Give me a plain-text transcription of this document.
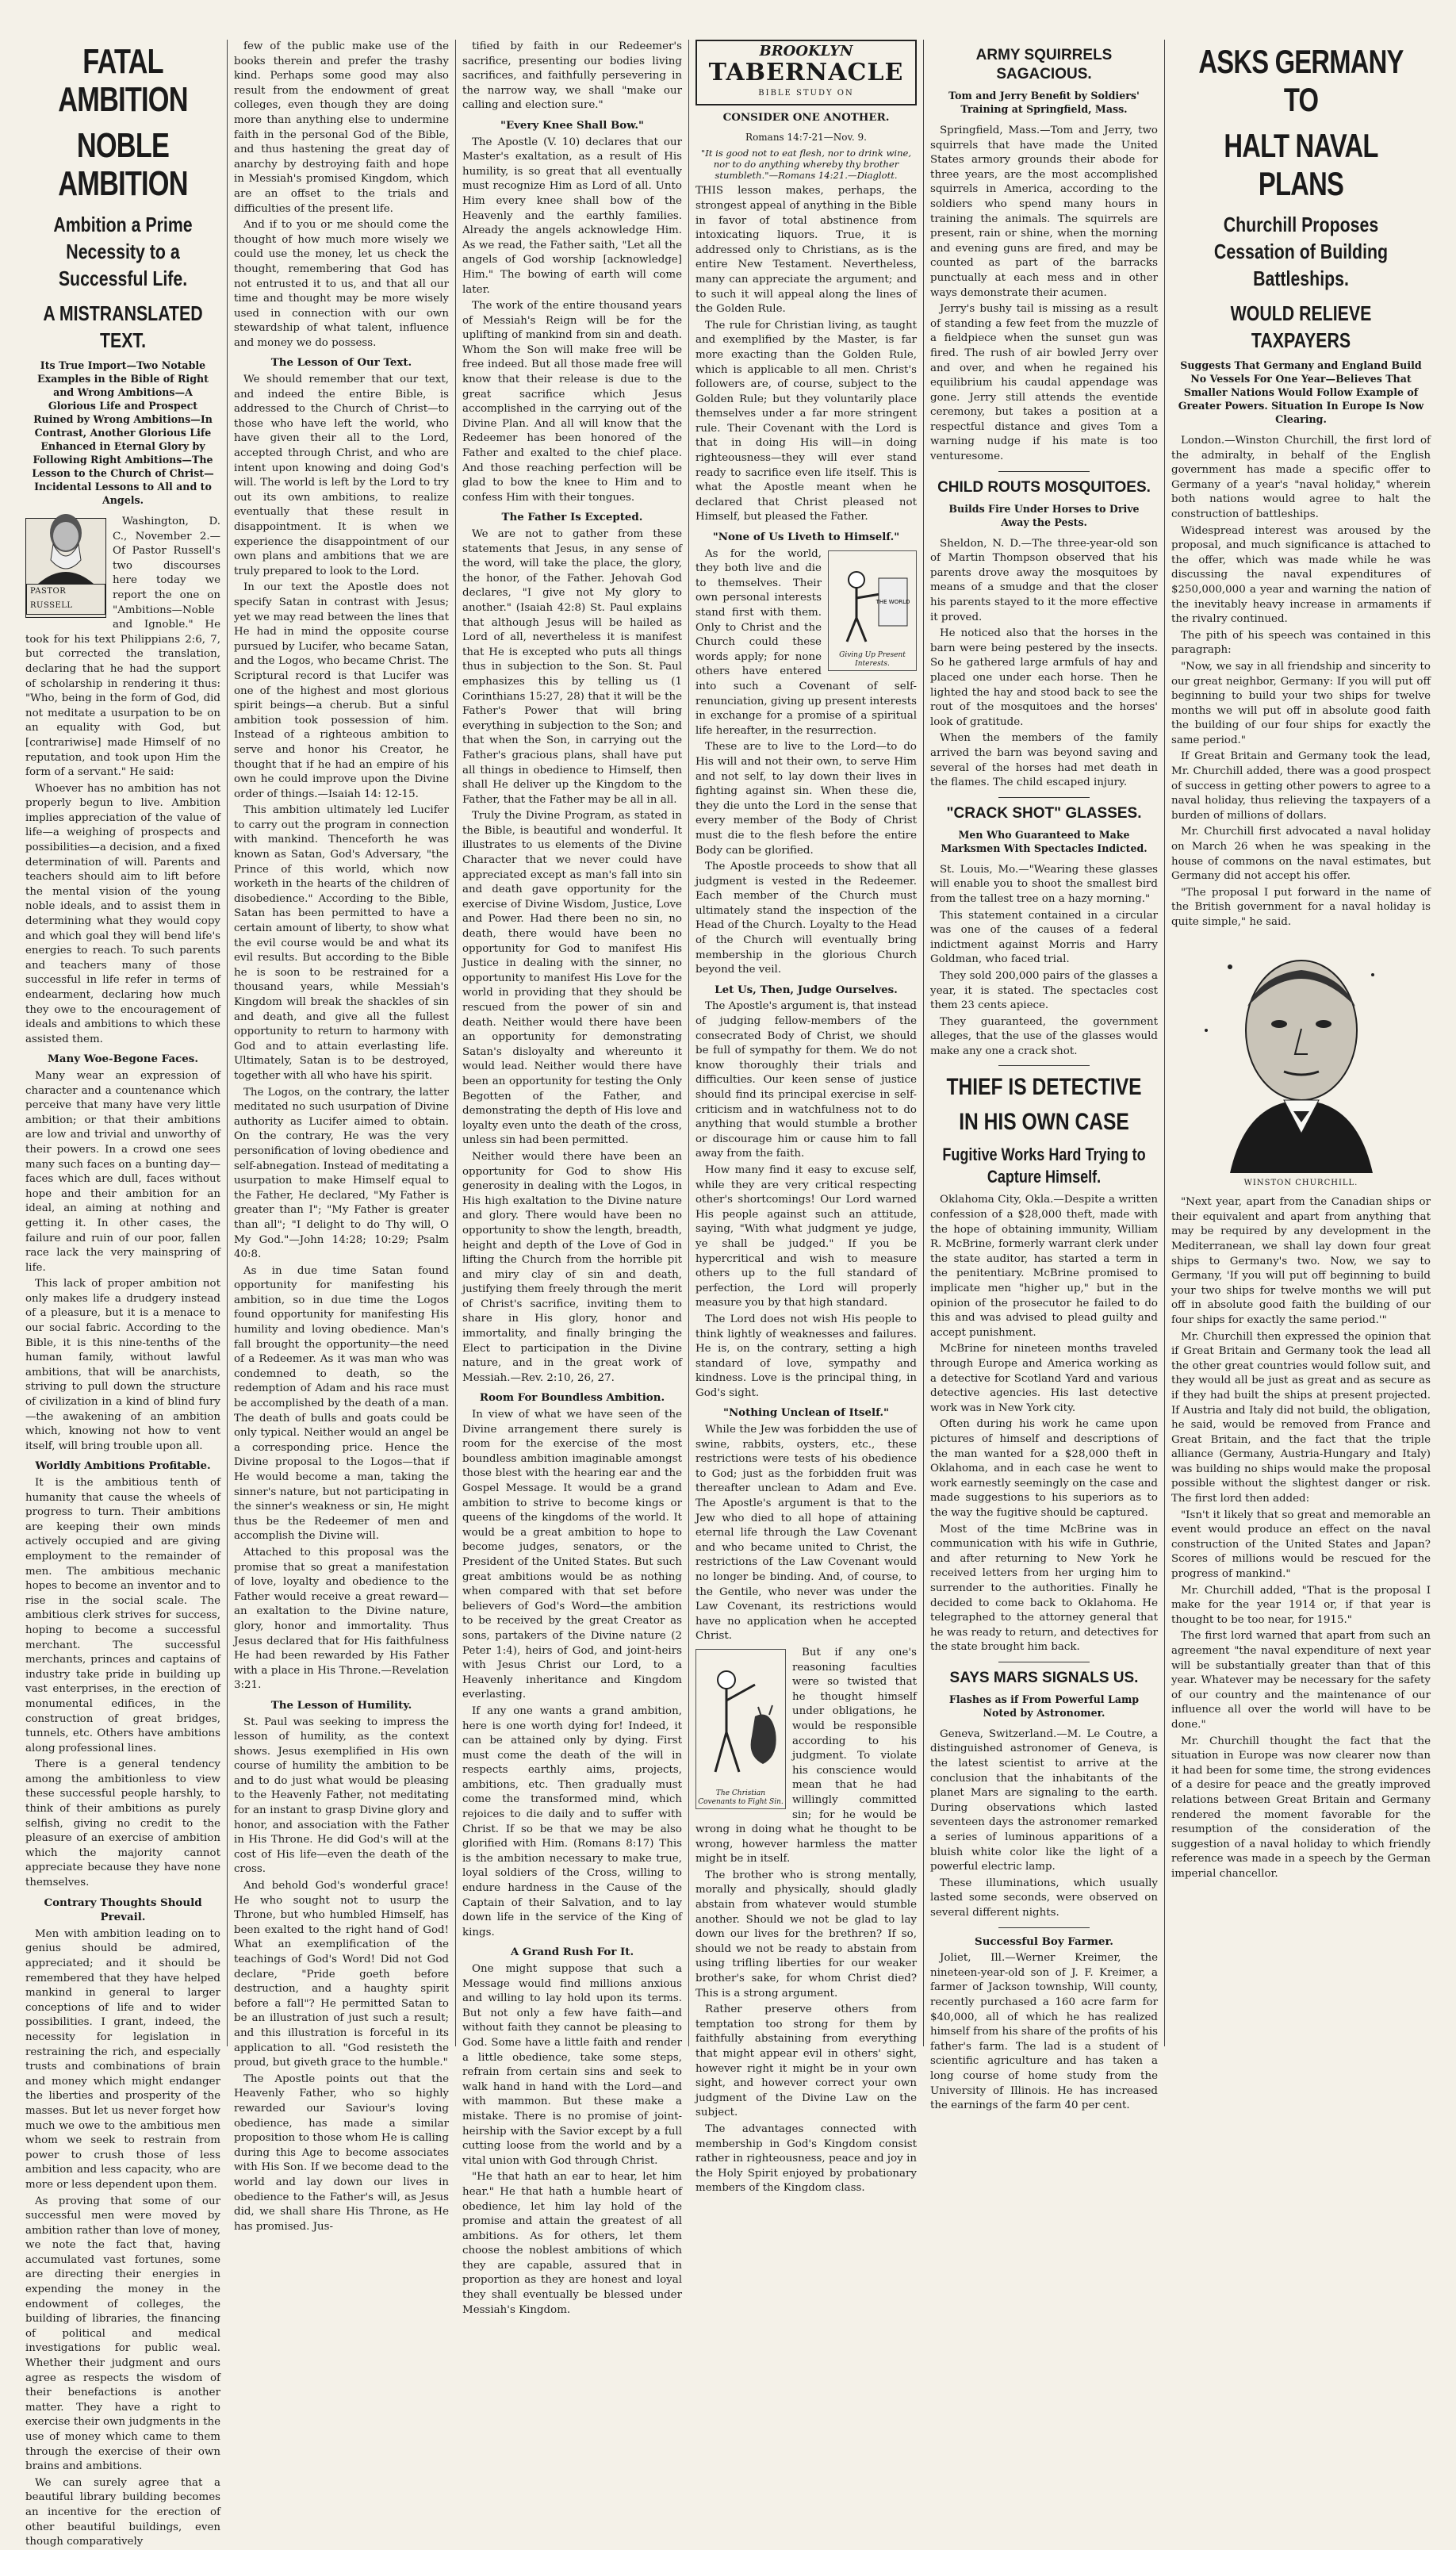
FATAL AMBITION
NOBLE AMBITION
Ambition a Prime Necessity to a Successful Life.
A MISTRANSLATED TEXT.
Its True Import—Two Notable Examples in the Bible of Right and Wrong Ambitions—A Glorious Life and Prospect Ruined by Wrong Ambitions—In Contrast, Another Glorious Life Enhanced in Eternal Glory by Following Right Ambitions—The Lesson to the Church of Christ—Incidental Lessons to All and to Angels.
PASTOR RUSSELL

Washington, D. C., November 2.—Of Pastor Russell's two discourses here today we report the one on "Ambitions—Noble and Ignoble." He took for his text Philippians 2:6, 7, but corrected the translation, declaring that he had the support of scholarship in rendering it thus: "Who, being in the form of God, did not meditate a usurpation to be on an equality with God, but [contrariwise] made Himself of no reputation, and took upon Him the form of a servant." He said:

Whoever has no ambition has not properly begun to live. Ambition implies appreciation of the value of life—a weighing of prospects and possibilities—a decision, and a fixed determination of will. Parents and teachers should aim to lift before the mental vision of the young noble ideals, and to assist them in determining what they would copy and which goal they will bend life's energies to reach. To such parents and teachers many of those successful in life refer in terms of endearment, declaring how much they owe to the encouragement of ideals and ambitions to which these assisted them.

Many Woe-Begone Faces.

Many wear an expression of character and a countenance which perceive that many have very little ambition; or that their ambitions are low and trivial and unworthy of their powers. In a crowd one sees many such faces on a bunting day—faces which are dull, faces without hope and their ambition for an ideal, an aiming at nothing and getting it. In other cases, the failure and ruin of our poor, fallen race lack the very mainspring of life.

This lack of proper ambition not only makes life a drudgery instead of a pleasure, but it is a menace to our social fabric. According to the Bible, it is this nine-tenths of the human family, without lawful ambitions, that will be anarchists, striving to pull down the structure of civilization in a kind of blind fury—the awakening of an ambition which, knowing not how to vent itself, will bring trouble upon all.

Worldly Ambitions Profitable.

It is the ambitious tenth of humanity that cause the wheels of progress to turn. Their ambitions are keeping their own minds actively occupied and are giving employment to the remainder of men. The ambitious mechanic hopes to become an inventor and to rise in the social scale. The ambitious clerk strives for success, hoping to become a successful merchant. The successful merchants, princes and captains of industry take pride in building up vast enterprises, in the erection of monumental edifices, in the construction of great bridges, tunnels, etc. Others have ambitions along professional lines.

There is a general tendency among the ambitionless to view these successful people harshly, to think of their ambitions as purely selfish, giving no credit to the pleasure of an exercise of ambition which the majority cannot appreciate because they have none themselves.

Contrary Thoughts Should Prevail.

Men with ambition leading on to genius should be admired, appreciated; and it should be remembered that they have helped mankind in general to larger conceptions of life and to wider possibilities. I grant, indeed, the necessity for legislation in restraining the rich, and especially trusts and combinations of brain and money which might endanger the liberties and prosperity of the masses. But let us never forget how much we owe to the ambitious men whom we seek to restrain from power to crush those of less ambition and less capacity, who are more or less dependent upon them.

As proving that some of our successful men were moved by ambition rather than love of money, we note the fact that, having accumulated vast fortunes, some are directing their energies in expending the money in the endowment of colleges, the building of libraries, the financing of political and medical investigations for public weal. Whether their judgment and ours agree as respects the wisdom of their benefactions is another matter. They have a right to exercise their own judgments in the use of money which came to them through the exercise of their own brains and ambitions.

We can surely agree that a beautiful library building becomes an incentive for the erection of other beautiful buildings, even though comparatively

few of the public make use of the books therein and prefer the trashy kind. Perhaps some good may also result from the endowment of great colleges, even though they are doing more than anything else to undermine faith in the personal God of the Bible, and thus hastening the great day of anarchy by destroying faith and hope in Messiah's promised Kingdom, which are an offset to the trials and difficulties of the present life.

And if to you or me should come the thought of how much more wisely we could use the money, let us check the thought, remembering that God has not entrusted it to us, and that all our time and thought may be more wisely used in connection with our own stewardship of what talent, influence and money we do possess.

The Lesson of Our Text.

We should remember that our text, and indeed the entire Bible, is addressed to the Church of Christ—to those who have left the world, who have given their all to the Lord, accepted through Christ, and who are intent upon knowing and doing God's will. The world is left by the Lord to try out its own ambitions, to realize eventually that these result in disappointment. It is when we experience the disappointment of our own plans and ambitions that we are truly prepared to look to the Lord.

In our text the Apostle does not specify Satan in contrast with Jesus; yet we may read between the lines that He had in mind the opposite course pursued by Lucifer, who became Satan, and the Logos, who became Christ. The Scriptural record is that Lucifer was one of the highest and most glorious spirit beings—a cherub. But a sinful ambition took possession of him. Instead of a righteous ambition to serve and honor his Creator, he thought that if he had an empire of his own he could improve upon the Divine order of things.—Isaiah 14: 12-15.

This ambition ultimately led Lucifer to carry out the program in connection with mankind. Thenceforth he was known as Satan, God's Adversary, "the Prince of this world, which now worketh in the hearts of the children of disobedience." According to the Bible, Satan has been permitted to have a certain amount of liberty, to show what the evil course would be and what its evil results. But according to the Bible he is soon to be restrained for a thousand years, while Messiah's Kingdom will break the shackles of sin and death, and give all the fullest opportunity to return to harmony with God and to attain everlasting life. Ultimately, Satan is to be destroyed, together with all who have his spirit.

The Logos, on the contrary, the latter meditated no such usurpation of Divine authority as Lucifer aimed to obtain. On the contrary, He was the very personification of loving obedience and self-abnegation. Instead of meditating a usurpation to make Himself equal to the Father, He declared, "My Father is greater than I"; "My Father is greater than all"; "I delight to do Thy will, O My God."—John 14:28; 10:29; Psalm 40:8.

As in due time Satan found opportunity for manifesting his ambition, so in due time the Logos found opportunity for manifesting His humility and loving obedience. Man's fall brought the opportunity—the need of a Redeemer. As it was man who was condemned to death, so the redemption of Adam and his race must be accomplished by the death of a man. The death of bulls and goats could be only typical. Neither would an angel be a corresponding price. Hence the Divine proposal to the Logos—that if He would become a man, taking the sinner's nature, but not participating in the sinner's weakness or sin, He might thus be the Redeemer of men and accomplish the Divine will.

Attached to this proposal was the promise that so great a manifestation of love, loyalty and obedience to the Father would receive a great reward—an exaltation to the Divine nature, glory, honor and immortality. Thus Jesus declared that for His faithfulness He had been rewarded by His Father with a place in His Throne.—Revelation 3:21.

The Lesson of Humility.

St. Paul was seeking to impress the lesson of humility, as the context shows. Jesus exemplified in His own course of humility the ambition to be and to do just what would be pleasing to the Heavenly Father, not meditating for an instant to grasp Divine glory and honor, and association with the Father in His Throne. He did God's will at the cost of His life—even the death of the cross.

And behold God's wonderful grace! He who sought not to usurp the Throne, but who humbled Himself, has been exalted to the right hand of God! What an exemplification of the teachings of God's Word! Did not God declare, "Pride goeth before destruction, and a haughty spirit before a fall"? He permitted Satan to be an illustration of just such a result; and this illustration is forceful in its application to all. "God resisteth the proud, but giveth grace to the humble."

The Apostle points out that the Heavenly Father, who so highly rewarded our Saviour's loving obedience, has made a similar proposition to those whom He is calling during this Age to become associates with His Son. If we become dead to the world and lay down our lives in obedience to the Father's will, as Jesus did, we shall share His Throne, as He has promised. Jus-

tified by faith in our Redeemer's sacrifice, presenting our bodies living sacrifices, and faithfully persevering in the narrow way, we shall "make our calling and election sure."

"Every Knee Shall Bow."

The Apostle (V. 10) declares that our Master's exaltation, as a result of His humility, is so great that all eventually must recognize Him as Lord of all. Unto Him every knee shall bow of the Heavenly and the earthly families. Already the angels acknowledge Him. As we read, the Father saith, "Let all the angels of God worship [acknowledge] Him." The bowing of earth will come later.

The work of the entire thousand years of Messiah's Reign will be for the uplifting of mankind from sin and death. Whom the Son will make free will be free indeed. But all those made free will know that their release is due to the great sacrifice which Jesus accomplished in the carrying out of the Divine Plan. And all will know that the Redeemer has been honored of the Father and exalted to the chief place. And those reaching perfection will be glad to bow the knee to Him and to confess Him with their tongues.

The Father Is Excepted.

We are not to gather from these statements that Jesus, in any sense of the word, will take the place, the glory, the honor, of the Father. Jehovah God declares, "I give not My glory to another." (Isaiah 42:8) St. Paul explains that although Jesus will be hailed as Lord of all, nevertheless it is manifest that He is excepted who puts all things thus in subjection to the Son. St. Paul emphasizes this by telling us (1 Corinthians 15:27, 28) that it will be the Father's Power that will bring everything in subjection to the Son; and that when the Son, in carrying out the Father's gracious plans, shall have put all things in obedience to Himself, then shall He deliver up the Kingdom to the Father, that the Father may be all in all.

Truly the Divine Program, as stated in the Bible, is beautiful and wonderful. It illustrates to us elements of the Divine Character that we never could have appreciated except as man's fall into sin and death gave opportunity for the exercise of Divine Wisdom, Justice, Love and Power. Had there been no sin, no death, there would have been no opportunity for God to manifest His Justice in dealing with the sinner, no opportunity to manifest His Love for the world in providing that they should be rescued from the power of sin and death. Neither would there have been an opportunity for demonstrating Satan's disloyalty and whereunto it would lead. Neither would there have been an opportunity for testing the Only Begotten of the Father, and demonstrating the depth of His love and loyalty even unto the death of the cross, unless sin had been permitted.

Neither would there have been an opportunity for God to show His generosity in dealing with the Logos, in His high exaltation to the Divine nature and glory. There would have been no opportunity to show the length, breadth, height and depth of the Love of God in lifting the Church from the horrible pit and miry clay of sin and death, justifying them freely through the merit of Christ's sacrifice, inviting them to share in His glory, honor and immortality, and finally bringing the Elect to participation in the Divine nature, and in the great work of Messiah.—Rev. 2:10, 26, 27.

Room For Boundless Ambition.

In view of what we have seen of the Divine arrangement there surely is room for the exercise of the most boundless ambition imaginable amongst those blest with the hearing ear and the Gospel Message. It would be a grand ambition to strive to become kings or queens of the kingdoms of the world. It would be a great ambition to hope to become judges, senators, or the President of the United States. But such great ambitions would be as nothing when compared with that set before believers of God's Word—the ambition to be received by the great Creator as sons, partakers of the Divine nature (2 Peter 1:4), heirs of God, and joint-heirs with Jesus Christ our Lord, to a Heavenly inheritance and Kingdom everlasting.

If any one wants a grand ambition, here is one worth dying for! Indeed, it can be attained only by dying. First must come the death of the will in respects earthly aims, projects, ambitions, etc. Then gradually must come the transformed mind, which rejoices to die daily and to suffer with Christ. If so be that we may be also glorified with Him. (Romans 8:17) This is the ambition necessary to make true, loyal soldiers of the Cross, willing to endure hardness in the Cause of the Captain of their Salvation, and to lay down life in the service of the King of kings.

A Grand Rush For It.

One might suppose that such a Message would find millions anxious and willing to lay hold upon its terms. But not only a few have faith—and without faith they cannot be pleasing to God. Some have a little faith and render a little obedience, take some steps, refrain from certain sins and seek to walk hand in hand with the Lord—and with mammon. But these make a mistake. There is no promise of joint-heirship with the Savior except by a full cutting loose from the world and by a vital union with God through Christ.

"He that hath an ear to hear, let him hear." He that hath a humble heart of obedience, let him lay hold of the promise and attain the greatest of all ambitions. As for others, let them choose the noblest ambitions of which they are capable, assured that in proportion as they are honest and loyal they shall eventually be blessed under Messiah's Kingdom.

BROOKLYN
TABERNACLE
BIBLE STUDY ON
CONSIDER ONE ANOTHER.
Romans 14:7-21—Nov. 9.
"It is good not to eat flesh, nor to drink wine, nor to do anything whereby thy brother stumbleth."—Romans 14:21.—Diaglott.

THIS lesson makes, perhaps, the strongest appeal of anything in the Bible in favor of total abstinence from intoxicating liquors. True, it is addressed only to Christians, as is the entire New Testament. Nevertheless, many can appreciate the argument; and to such it will appeal along the lines of the Golden Rule.

The rule for Christian living, as taught and exemplified by the Master, is far more exacting than the Golden Rule, which is applicable to all men. Christ's followers are, of course, subject to the Golden Rule; but they voluntarily place themselves under a far more stringent rule. Their Covenant with the Lord is that in doing His will—in doing righteousness—they will ever stand ready to sacrifice even life itself. This is what the Apostle meant when he declared that Christ pleased not Himself, but pleased the Father.

"None of Us Liveth to Himself."
THE WORLD
Giving Up Present Interests.

As for the world, they both live and die to themselves. Their own personal interests stand first with them. Only to Christ and the Church could these words apply; for none others have entered into such a Covenant of self-renunciation, giving up present interests in exchange for a promise of a spiritual life hereafter, in the resurrection.

These are to live to the Lord—to do His will and not their own, to serve Him and not self, to lay down their lives in fighting against sin. When these die, they die unto the Lord in the sense that every member of the Body of Christ must die to the flesh before the entire Body can be glorified.

The Apostle proceeds to show that all judgment is vested in the Redeemer. Each member of the Church must ultimately stand the inspection of the Head of the Church. Loyalty to the Head of the Church will eventually bring membership in the glorious Church beyond the veil.

Let Us, Then, Judge Ourselves.

The Apostle's argument is, that instead of judging fellow-members of the consecrated Body of Christ, we should be full of sympathy for them. We do not know thoroughly their trials and difficulties. Our keen sense of justice should find its principal exercise in self-criticism and in watchfulness not to do anything that would stumble a brother or discourage him or cause him to fall away from the faith.

How many find it easy to excuse self, while they are very critical respecting other's shortcomings! Our Lord warned His people against such an attitude, saying, "With what judgment ye judge, ye shall be judged." If you be hypercritical and wish to measure others up to the full standard of perfection, the Lord will properly measure you by that high standard.

The Lord does not wish His people to think lightly of weaknesses and failures. He is, on the contrary, setting a high standard of love, sympathy and kindness. Love is the principal thing, in God's sight.

"Nothing Unclean of Itself."

While the Jew was forbidden the use of swine, rabbits, oysters, etc., these restrictions were tests of his obedience to God; just as the forbidden fruit was thereafter unclean to Adam and Eve. The Apostle's argument is that to the Jew who died to all hope of attaining eternal life through the Law Covenant and who became united to Christ, the restrictions of the Law Covenant would no longer be binding. And, of course, to the Gentile, who never was under the Law Covenant, its restrictions would have no application when he accepted Christ.

The Christian Covenants to Fight Sin.

But if any one's reasoning faculties were so twisted that he thought himself under obligations, he would be responsible according to his judgment. To violate his conscience would mean that he had willingly committed sin; for he would be wrong in doing what he thought to be wrong, however harmless the matter might be in itself.

The brother who is strong mentally, morally and physically, should gladly abstain from whatever would stumble another. Should we not be glad to lay down our lives for the brethren? If so, should we not be ready to abstain from using trifling liberties for our weaker brother's sake, for whom Christ died? This is a strong argument.

Rather preserve others from temptation too strong for them by faithfully abstaining from everything that might appear evil in others' sight, however right it might be in your own sight, and however correct your own judgment of the Divine Law on the subject.

The advantages connected with membership in God's Kingdom consist rather in righteousness, peace and joy in the Holy Spirit enjoyed by probationary members of the Kingdom class.

ARMY SQUIRRELS SAGACIOUS.
Tom and Jerry Benefit by Soldiers' Training at Springfield, Mass.

Springfield, Mass.—Tom and Jerry, two squirrels that have made the United States armory grounds their abode for three years, are the most accomplished squirrels in America, according to the soldiers who spend many hours in training the animals. The squirrels are present, rain or shine, when the morning and evening guns are fired, and may be counted as part of the barracks punctually at each mess and in other ways demonstrate their acumen.

Jerry's bushy tail is missing as a result of standing a few feet from the muzzle of a fieldpiece when the sunset gun was fired. The rush of air bowled Jerry over and over, and when he regained his equilibrium his caudal appendage was gone. Jerry still attends the eventide ceremony, but takes a position at a respectful distance and gives Tom a warning nudge if his mate is too venturesome.

CHILD ROUTS MOSQUITOES.
Builds Fire Under Horses to Drive Away the Pests.

Sheldon, N. D.—The three-year-old son of Martin Thompson observed that his parents drove away the mosquitoes by means of a smudge and that the closer his parents stayed to it the more effective it proved.

He noticed also that the horses in the barn were being pestered by the insects. So he gathered large armfuls of hay and placed one under each horse. Then he lighted the hay and stood back to see the rout of the mosquitoes and the horses' look of gratitude.

When the members of the family arrived the barn was beyond saving and several of the horses had met death in the flames. The child escaped injury.

"CRACK SHOT" GLASSES.
Men Who Guaranteed to Make Marksmen With Spectacles Indicted.

St. Louis, Mo.—"Wearing these glasses will enable you to shoot the smallest bird from the tallest tree on a hazy morning."

This statement contained in a circular was one of the causes of a federal indictment against Morris and Harry Goldman, who faced trial.

They sold 200,000 pairs of the glasses a year, it is stated. The spectacles cost them 23 cents apiece.

They guaranteed, the government alleges, that the use of the glasses would make any one a crack shot.

THIEF IS DETECTIVE
IN HIS OWN CASE
Fugitive Works Hard Trying to Capture Himself.

Oklahoma City, Okla.—Despite a written confession of a $28,000 theft, made with the hope of obtaining immunity, William R. McBrine, formerly warrant clerk under the state auditor, has started a term in the penitentiary. McBrine promised to implicate men "higher up," but in the opinion of the prosecutor he failed to do this and was advised to plead guilty and accept punishment.

McBrine for nineteen months traveled through Europe and America working as a detective for Scotland Yard and various detective agencies. His last detective work was in New York city.

Often during his work he came upon pictures of himself and descriptions of the man wanted for a $28,000 theft in Oklahoma, and in each case he went to work earnestly seemingly on the case and made suggestions to his superiors as to the way the fugitive should be captured.

Most of the time McBrine was in communication with his wife in Guthrie, and after returning to New York he received letters from her urging him to surrender to the authorities. Finally he decided to come back to Oklahoma. He telegraphed to the attorney general that he was ready to return, and detectives for the state brought him back.

SAYS MARS SIGNALS US.
Flashes as if From Powerful Lamp Noted by Astronomer.

Geneva, Switzerland.—M. Le Coutre, a distinguished astronomer of Geneva, is the latest scientist to arrive at the conclusion that the inhabitants of the planet Mars are signaling to the earth. During observations which lasted seventeen days the astronomer remarked a series of luminous apparitions of a bluish white color like the light of a powerful electric lamp.

These illuminations, which usually lasted some seconds, were observed on several different nights.

Successful Boy Farmer.

Joliet, Ill.—Werner Kreimer, the nineteen-year-old son of J. F. Kreimer, a farmer of Jackson township, Will county, recently purchased a 160 acre farm for $40,000, all of which he has realized himself from his share of the profits of his father's farm. The lad is a student of scientific agriculture and has taken a long course of home study from the University of Illinois. He has increased the earnings of the farm 40 per cent.

ASKS GERMANY TO
HALT NAVAL PLANS
Churchill Proposes Cessation of Building Battleships.
WOULD RELIEVE TAXPAYERS
Suggests That Germany and England Build No Vessels For One Year—Believes That Smaller Nations Would Follow Example of Greater Powers. Situation In Europe Is Now Clearing.

London.—Winston Churchill, the first lord of the admiralty, in behalf of the English government has made a specific offer to Germany of a year's "naval holiday," wherein both nations would agree to halt the construction of battleships.

Widespread interest was aroused by the proposal, and much significance is attached to the offer, which was made while he was discussing the naval expenditures of $250,000,000 a year and warning the nation of the inevitably heavy increase in armaments if the rivalry continued.

The pith of his speech was contained in this paragraph:

"Now, we say in all friendship and sincerity to our great neighbor, Germany: If you will put off beginning to build your two ships for twelve months we will put off in absolute good faith the building of our four ships for exactly the same period."

If Great Britain and Germany took the lead, Mr. Churchill added, there was a good prospect of success in getting other powers to agree to a naval holiday, thus relieving the taxpayers of a burden of millions of dollars.

Mr. Churchill first advocated a naval holiday on March 26 when he was speaking in the house of commons on the naval estimates, but Germany did not accept his offer.

"The proposal I put forward in the name of the British government for a naval holiday is quite simple," he said.

WINSTON CHURCHILL.

"Next year, apart from the Canadian ships or their equivalent and apart from anything that may be required by any development in the Mediterranean, we shall lay down four great ships to Germany's two. Now, we say to Germany, 'If you will put off beginning to build your two ships for twelve months we will put off in absolute good faith the building of our four ships for exactly the same period.'"

Mr. Churchill then expressed the opinion that if Great Britain and Germany took the lead all the other great countries would follow suit, and they would all be just as great and as secure as if they had built the ships at present projected. If Austria and Italy did not build, the obligation, he said, would be removed from France and Great Britain, and the fact that the triple alliance (Germany, Austria-Hungary and Italy) was building no ships would make the proposal possible without the slightest danger or risk. The first lord then added:

"Isn't it likely that so great and memorable an event would produce an effect on the naval construction of the United States and Japan? Scores of millions would be rescued for the progress of mankind."

Mr. Churchill added, "That is the proposal I make for the year 1914 or, if that year is thought to be too near, for 1915."

The first lord warned that apart from such an agreement "the naval expenditure of next year will be substantially greater than that of this year. Whatever may be necessary for the safety of our country and the maintenance of our influence all over the world will have to be done."

Mr. Churchill thought the fact that the situation in Europe was now clearer now than it had been for some time, the strong evidences of a desire for peace and the greatly improved relations between Great Britain and Germany rendered the moment favorable for the resumption of the consideration of the suggestion of a naval holiday to which friendly reference was made in a speech by the German imperial chancellor.
